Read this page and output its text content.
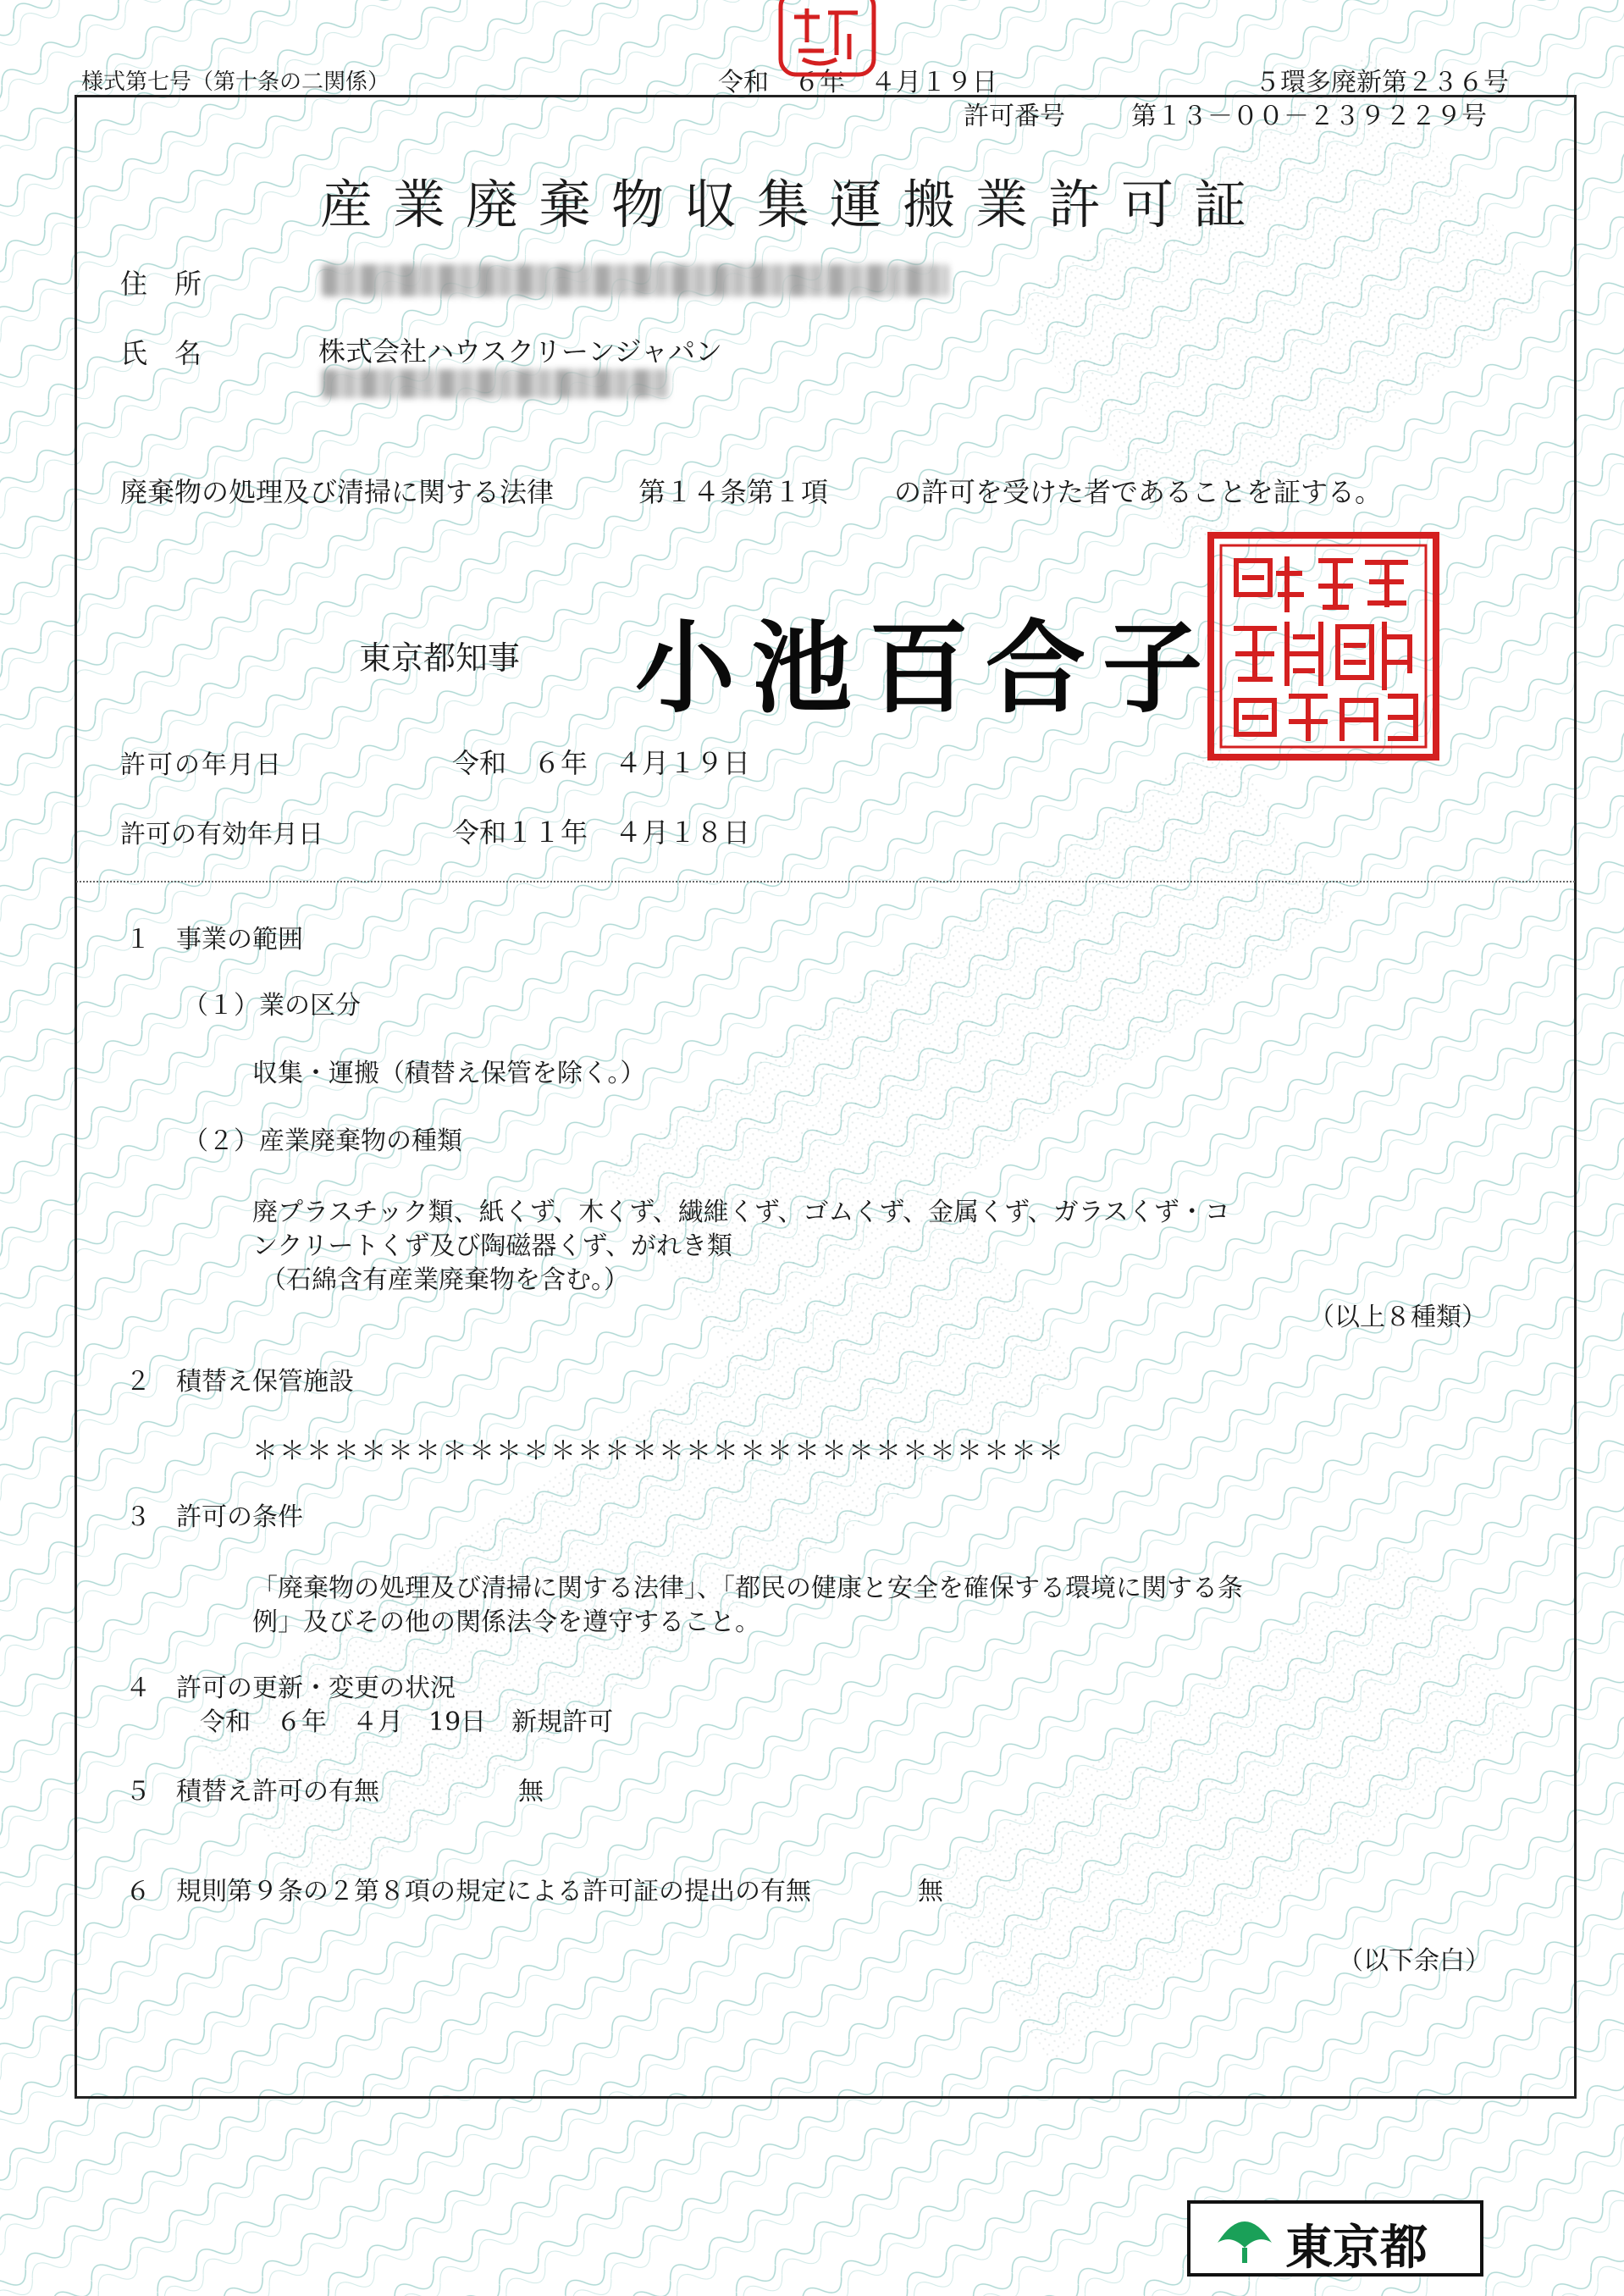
様式第七号（第十条の二関係）	令和　６年　４月１９日	５環多廃新第２３６号
許可番号	第１３－００－２３９２２９号
産業廃棄物収集運搬業許可証
住　所
氏　名	株式会社ハウスクリーンジャパン
廃棄物の処理及び清掃に関する法律	第１４条第１項 の許可を受けた者であることを証する。
東京都知事 小池百合子
許可の年月日	令和　６年　４月１９日
許可の有効年月日	令和１１年　４月１８日
１　事業の範囲
（１）業の区分
収集・運搬（積替え保管を除く。）
（２）産業廃棄物の種類
廃プラスチック類、紙くず、木くず、繊維くず、ゴムくず、金属くず、ガラスくず・コ
ンクリートくず及び陶磁器くず、がれき類
（石綿含有産業廃棄物を含む。）
（以上８種類）
２　積替え保管施設
＊＊＊＊＊＊＊＊＊＊＊＊＊＊＊＊＊＊＊＊＊＊＊＊＊＊＊＊＊＊
３　許可の条件
「廃棄物の処理及び清掃に関する法律」、「都民の健康と安全を確保する環境に関する条
例」及びその他の関係法令を遵守すること。
４　許可の更新・変更の状況
令和　６年　４月　19日　新規許可
５　積替え許可の有無	無
６　規則第９条の２第８項の規定による許可証の提出の有無	無
（以下余白）
東京都
